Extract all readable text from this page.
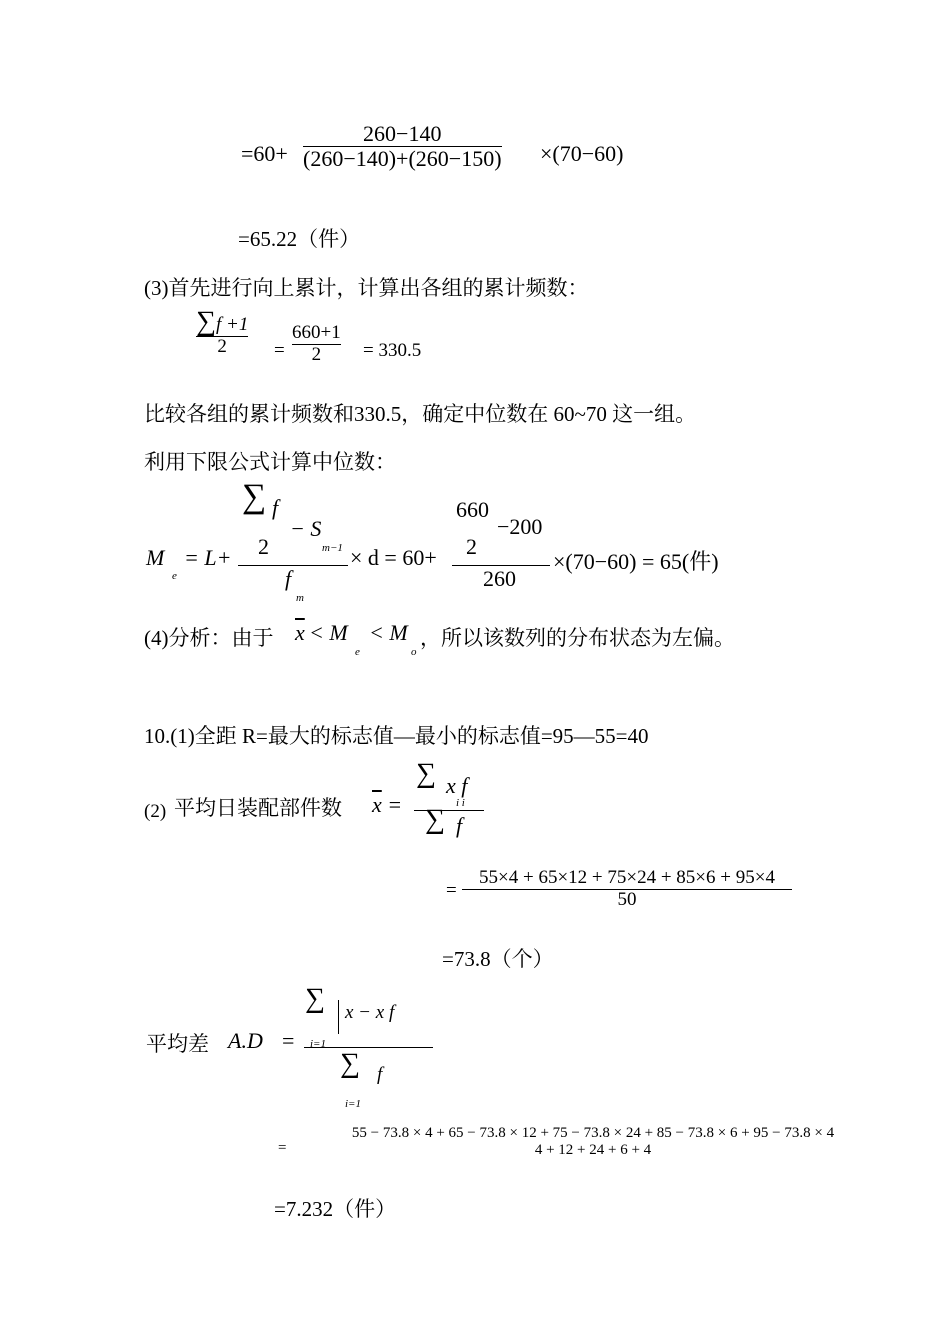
=60+
260−140
(260−140)+(260−150) ×(70−60)
=65.22（件）
(3)首先进行向上累计，计算出各组的累计频数：
∑f +1
2 =
660+1
2 = 330.5
比较各组的累计频数和330.5，确定中位数在 60~70 这一组。
利用下限公式计算中位数：
M
e
= L+
∑ f
2
− S
m−1
f
m
× d = 60+
660
2
−200
260
×(70−60) = 65(件)
(4)分析：由于 $\overline{x} < M$
e
< M
o
，所以该数列的分布状态为左偏。
10.(1)全距 R=最大的标志值—最小的标志值=95—55=40
(2) 平均日装配部件数 $\overline{x}$ =
∑ x f
i i
∑ f
=
55×4 + 65×12 + 75×24 + 85×6 + 95×4
50
=73.8（个）
平均差 A.D =
∑ x − x f
i=1
∑ f
i=1
=
55 − 73.8 × 4 + 65 − 73.8 × 12 + 75 − 73.8 × 24 + 85 − 73.8 × 6 + 95 − 73.8 × 4
4 + 12 + 24 + 6 + 4
=7.232（件）
